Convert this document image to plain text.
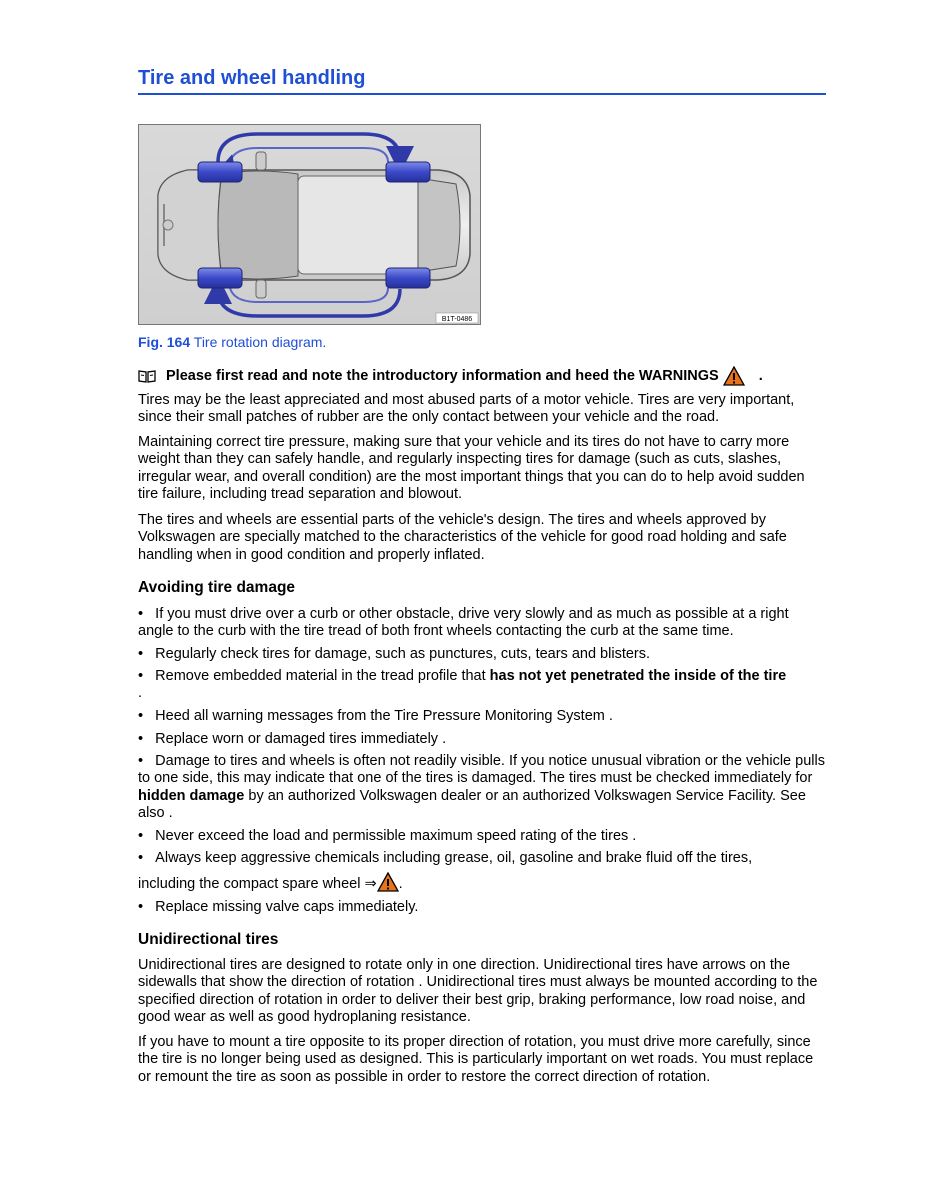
Tire and wheel handling
B1T-0486
Fig. 164 Tire rotation diagram.
Please first read and note the introductory information and heed the WARNINGS	.

Tires may be the least appreciated and most abused parts of a motor vehicle. Tires are very important, since their small patches of rubber are the only contact between your vehicle and the road.

Maintaining correct tire pressure, making sure that your vehicle and its tires do not have to carry more weight than they can safely handle, and regularly inspecting tires for damage (such as cuts, slashes, irregular wear, and overall condition) are the most important things that you can do to help avoid sudden tire failure, including tread separation and blowout.

The tires and wheels are essential parts of the vehicle's design. The tires and wheels approved by Volkswagen are specially matched to the characteristics of the vehicle for good road holding and safe handling when in good condition and properly inflated.

Avoiding tire damage
• If you must drive over a curb or other obstacle, drive very slowly and as much as possible at a right angle to the curb with the tire tread of both front wheels contacting the curb at the same time.
• Regularly check tires for damage, such as punctures, cuts, tears and blisters.
• Remove embedded material in the tread profile that has not yet penetrated the inside of the tire
.
• Heed all warning messages from the Tire Pressure Monitoring System .
• Replace worn or damaged tires immediately .
• Damage to tires and wheels is often not readily visible. If you notice unusual vibration or the vehicle pulls to one side, this may indicate that one of the tires is damaged. The tires must be checked immediately for hidden damage by an authorized Volkswagen dealer or an authorized Volkswagen Service Facility. See also .
• Never exceed the load and permissible maximum speed rating of the tires .
• Always keep aggressive chemicals including grease, oil, gasoline and brake fluid off the tires,
including the compact spare wheel ⇒ .
• Replace missing valve caps immediately.
Unidirectional tires

Unidirectional tires are designed to rotate only in one direction. Unidirectional tires have arrows on the sidewalls that show the direction of rotation . Unidirectional tires must always be mounted according to the specified direction of rotation in order to deliver their best grip, braking performance, low road noise, and good wear as well as good hydroplaning resistance.

If you have to mount a tire opposite to its proper direction of rotation, you must drive more carefully, since the tire is no longer being used as designed. This is particularly important on wet roads. You must replace or remount the tire as soon as possible in order to restore the correct direction of rotation.
